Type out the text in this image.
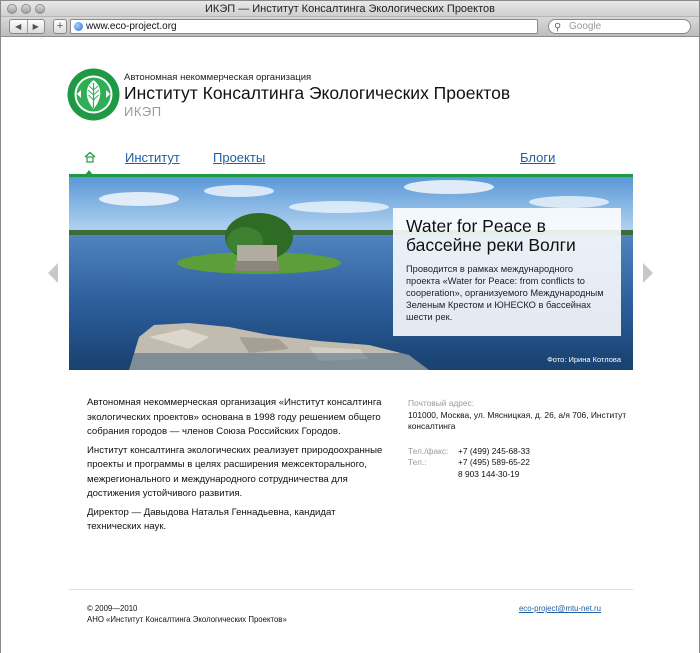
ИКЭП — Институт Консалтинга Экологических Проектов
◀	▶	+	www.eco-project.org	⚲ Google
Автономная некоммерческая организация
Институт Консалтинга Экологических Проектов
ИКЭП
Институт	Проекты	Блоги
Water for Peace в бассейне реки Волги

Проводится в рамках международного проекта «Water for Peace: from conflicts to cooperation», организуемого Международным Зеленым Крестом и ЮНЕСКО в бассейнах шести рек.

Фото: Ирина Котлова

Автономная некоммерческая организация «Институт консалтинга экологических проектов» основана в 1998 году решением общего собрания городов — членов Союза Российских Городов.

Институт консалтинга экологических реализует природоохранные проекты и программы в целях расширения межсекторального, межрегионального и международного сотрудничества для достижения устойчивого развития.

Директор — Давыдова Наталья Геннадьевна, кандидат технических наук.

Почтовый адрес:
101000, Москва, ул. Мясницкая, д. 26, а/я 706, Институт консалтинга
Тел./факс:	+7 (499) 245-68-33
Тел.:	+7 (495) 589-65-22
8 903 144-30-19
© 2009—2010
АНО «Институт Консалтинга Экологических Проектов»
eco-project@mtu-net.ru
